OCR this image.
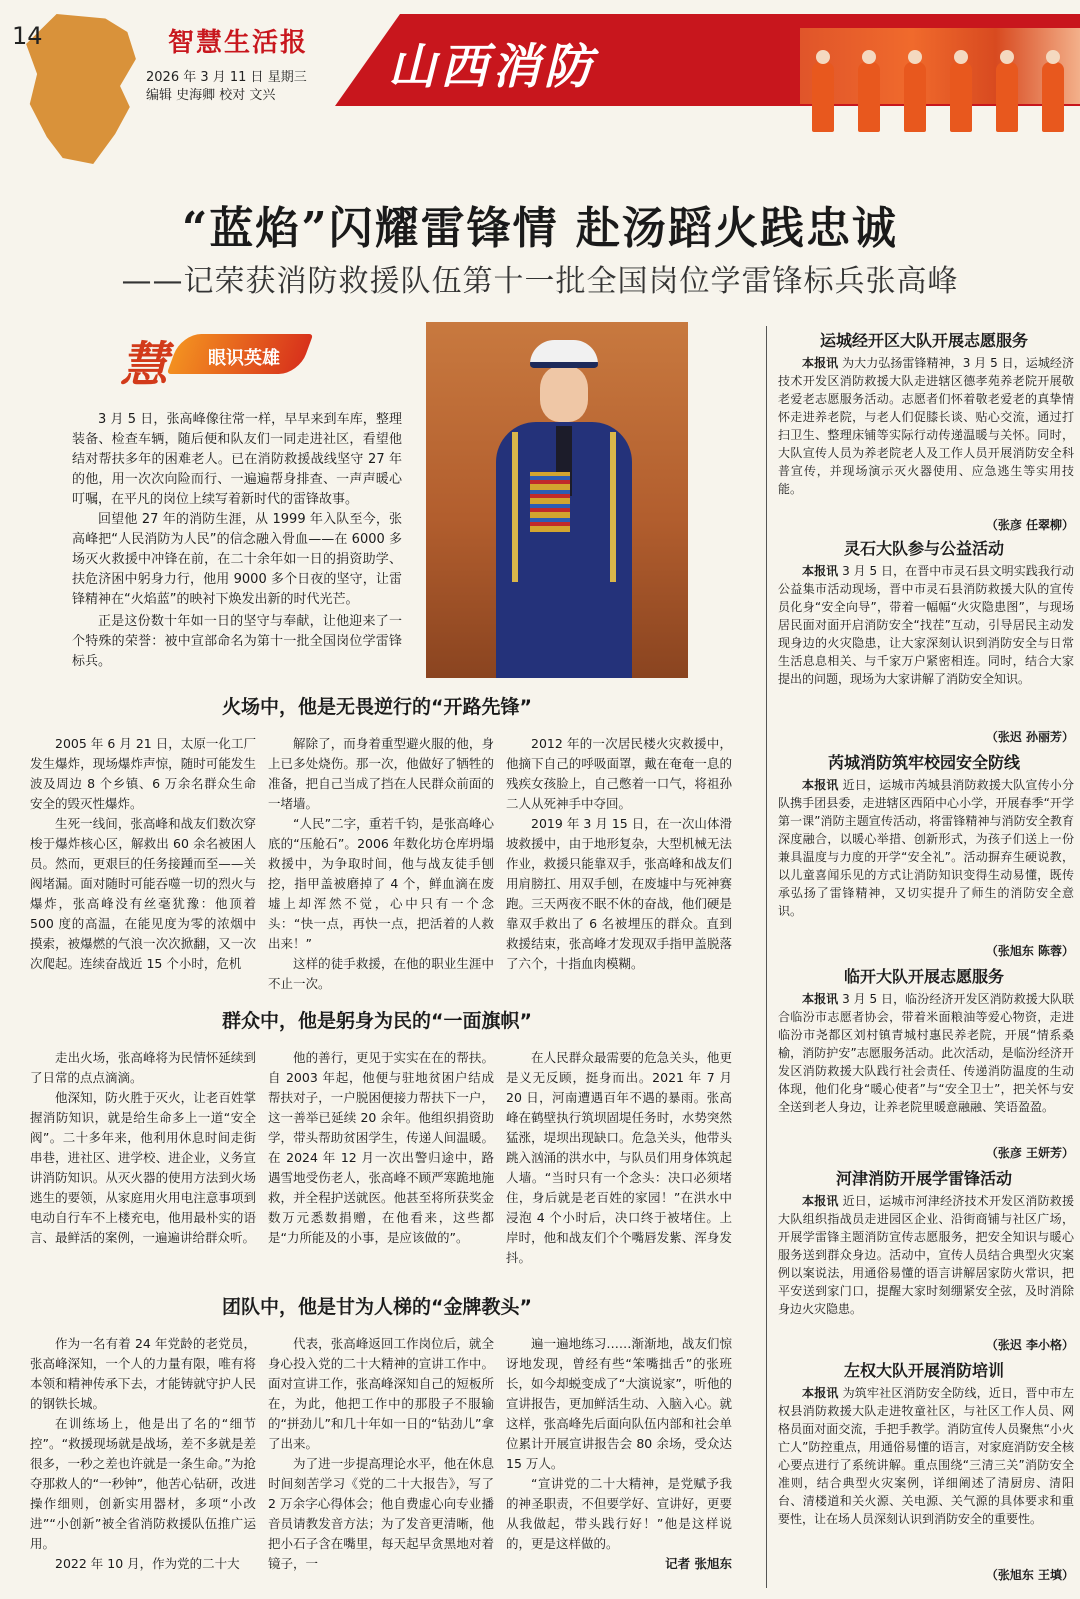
14	智慧生活报
2026 年 3 月 11 日 星期三
编辑 史海卿 校对 文兴
山西消防
“蓝焰”闪耀雷锋情 赴汤蹈火践忠诚
——记荣获消防救援队伍第十一批全国岗位学雷锋标兵张高峰
慧 眼识英雄
3 月 5 日，张高峰像往常一样，早早来到车库，整理装备、检查车辆，随后便和队友们一同走进社区，看望他结对帮扶多年的困难老人。已在消防救援战线坚守 27 年的他，用一次次向险而行、一遍遍帮身排查、一声声暖心叮嘱，在平凡的岗位上续写着新时代的雷锋故事。
回望他 27 年的消防生涯，从 1999 年入队至今，张高峰把“人民消防为人民”的信念融入骨血——在 6000 多场灭火救援中冲锋在前，在二十余年如一日的捐资助学、扶危济困中躬身力行，他用 9000 多个日夜的坚守，让雷锋精神在“火焰蓝”的映衬下焕发出新的时代光芒。
正是这份数十年如一日的坚守与奉献，让他迎来了一个特殊的荣誉：被中宣部命名为第十一批全国岗位学雷锋标兵。
火场中，他是无畏逆行的“开路先锋”

2005 年 6 月 21 日，太原一化工厂发生爆炸，现场爆炸声惊，随时可能发生波及周边 8 个乡镇、6 万余名群众生命安全的毁灭性爆炸。

生死一线间，张高峰和战友们数次穿梭于爆炸核心区，解救出 60 余名被困人员。然而，更艰巨的任务接踵而至——关阀堵漏。面对随时可能吞噬一切的烈火与爆炸，张高峰没有丝毫犹豫：他顶着 500 度的高温，在能见度为零的浓烟中摸索，被爆燃的气浪一次次掀翻，又一次次爬起。连续奋战近 15 个小时，危机

解除了，而身着重型避火服的他，身上已多处烧伤。那一次，他做好了牺牲的准备，把自己当成了挡在人民群众前面的一堵墙。

“人民”二字，重若千钧，是张高峰心底的“压舱石”。2006 年数化坊仓库坍塌救援中，为争取时间，他与战友徒手刨挖，指甲盖被磨掉了 4 个，鲜血滴在废墟上却浑然不觉，心中只有一个念头：“快一点，再快一点，把活着的人救出来！”

这样的徒手救援，在他的职业生涯中不止一次。

2012 年的一次居民楼火灾救援中，他摘下自己的呼吸面罩，戴在奄奄一息的残疾女孩脸上，自己憋着一口气，将祖孙二人从死神手中夺回。

2019 年 3 月 15 日，在一次山体滑坡救援中，由于地形复杂，大型机械无法作业，救援只能靠双手，张高峰和战友们用肩膀扛、用双手刨，在废墟中与死神赛跑。三天两夜不眠不休的奋战，他们硬是靠双手救出了 6 名被埋压的群众。直到救援结束，张高峰才发现双手指甲盖脱落了六个，十指血肉模糊。

群众中，他是躬身为民的“一面旗帜”

走出火场，张高峰将为民情怀延续到了日常的点点滴滴。

他深知，防火胜于灭火，让老百姓掌握消防知识，就是给生命多上一道“安全阀”。二十多年来，他利用休息时间走街串巷，进社区、进学校、进企业，义务宣讲消防知识。从灭火器的使用方法到火场逃生的要领，从家庭用火用电注意事项到电动自行车不上楼充电，他用最朴实的语言、最鲜活的案例，一遍遍讲给群众听。

他的善行，更见于实实在在的帮扶。自 2003 年起，他便与驻地贫困户结成帮扶对子，一户脱困便接力帮扶下一户，这一善举已延续 20 余年。他组织捐资助学，带头帮助贫困学生，传递人间温暖。在 2024 年 12 月一次出警归途中，路遇雪地受伤老人，张高峰不顾严寒跪地施救，并全程护送就医。他甚至将所获奖金数万元悉数捐赠，在他看来，这些都是“力所能及的小事，是应该做的”。

在人民群众最需要的危急关头，他更是义无反顾，挺身而出。2021 年 7 月 20 日，河南遭遇百年不遇的暴雨。张高峰在鹤壁执行筑坝固堤任务时，水势突然猛涨，堤坝出现缺口。危急关头，他带头跳入汹涌的洪水中，与队员们用身体筑起人墙。“当时只有一个念头：决口必须堵住，身后就是老百姓的家园！”在洪水中浸泡 4 个小时后，决口终于被堵住。上岸时，他和战友们个个嘴唇发紫、浑身发抖。

团队中，他是甘为人梯的“金牌教头”

作为一名有着 24 年党龄的老党员，张高峰深知，一个人的力量有限，唯有将本领和精神传承下去，才能铸就守护人民的钢铁长城。

在训练场上，他是出了名的“细节控”。“救援现场就是战场，差不多就是差很多，一秒之差也许就是一条生命。”为抢夺那救人的“一秒钟”，他苦心钻研，改进操作细则，创新实用器材，多项“小改进”“小创新”被全省消防救援队伍推广运用。

2022 年 10 月，作为党的二十大

代表，张高峰返回工作岗位后，就全身心投入党的二十大精神的宣讲工作中。面对宣讲工作，张高峰深知自己的短板所在，为此，他把工作中的那股子不服输的“拼劲儿”和几十年如一日的“钻劲儿”拿了出来。

为了进一步提高理论水平，他在休息时间刻苦学习《党的二十大报告》，写了 2 万余字心得体会；他自费虚心向专业播音员请教发音方法；为了发音更清晰，他把小石子含在嘴里，每天起早贪黑地对着镜子，一

遍一遍地练习……渐渐地，战友们惊讶地发现，曾经有些“笨嘴拙舌”的张班长，如今却蜕变成了“大演说家”，听他的宣讲报告，更加鲜活生动、入脑入心。就这样，张高峰先后面向队伍内部和社会单位累计开展宣讲报告会 80 余场，受众达 15 万人。

“宣讲党的二十大精神，是党赋予我的神圣职责，不但要学好、宣讲好，更要从我做起，带头践行好！”他是这样说的，更是这样做的。

记者 张旭东
运城经开区大队开展志愿服务
本报讯 为大力弘扬雷锋精神，3 月 5 日，运城经济技术开发区消防救援大队走进辖区德孝苑养老院开展敬老爱老志愿服务活动。志愿者们怀着敬老爱老的真挚情怀走进养老院，与老人们促膝长谈、贴心交流，通过打扫卫生、整理床铺等实际行动传递温暖与关怀。同时，大队宣传人员为养老院老人及工作人员开展消防安全科普宣传，并现场演示灭火器使用、应急逃生等实用技能。
（张彦 任翠柳）
灵石大队参与公益活动
本报讯 3 月 5 日，在晋中市灵石县文明实践我行动公益集市活动现场，晋中市灵石县消防救援大队的宣传员化身“安全向导”，带着一幅幅“火灾隐患图”，与现场居民面对面开启消防安全“找茬”互动，引导居民主动发现身边的火灾隐患，让大家深刻认识到消防安全与日常生活息息相关、与千家万户紧密相连。同时，结合大家提出的问题，现场为大家讲解了消防安全知识。
（张迟 孙丽芳）
芮城消防筑牢校园安全防线
本报讯 近日，运城市芮城县消防救援大队宣传小分队携手团县委，走进辖区西陌中心小学，开展春季“开学第一课”消防主题宣传活动，将雷锋精神与消防安全教育深度融合，以暖心举措、创新形式，为孩子们送上一份兼具温度与力度的开学“安全礼”。活动摒弃生硬说教，以儿童喜闻乐见的方式让消防知识变得生动易懂，既传承弘扬了雷锋精神，又切实提升了师生的消防安全意识。
（张旭东 陈蓉）
临开大队开展志愿服务
本报讯 3 月 5 日，临汾经济开发区消防救援大队联合临汾市志愿者协会，带着米面粮油等爱心物资，走进临汾市尧都区刘村镇青城村惠民养老院，开展“情系桑榆，消防护安”志愿服务活动。此次活动，是临汾经济开发区消防救援大队践行社会责任、传递消防温度的生动体现，他们化身“暖心使者”与“安全卫士”，把关怀与安全送到老人身边，让养老院里暖意融融、笑语盈盈。
（张彦 王妍芳）
河津消防开展学雷锋活动
本报讯 近日，运城市河津经济技术开发区消防救援大队组织指战员走进园区企业、沿街商铺与社区广场，开展学雷锋主题消防宣传志愿服务，把安全知识与暖心服务送到群众身边。活动中，宣传人员结合典型火灾案例以案说法，用通俗易懂的语言讲解居家防火常识，把平安送到家门口，提醒大家时刻绷紧安全弦，及时消除身边火灾隐患。
（张迟 李小格）
左权大队开展消防培训
本报讯 为筑牢社区消防安全防线，近日，晋中市左权县消防救援大队走进牧童社区，与社区工作人员、网格员面对面交流，手把手教学。消防宣传人员聚焦“小火亡人”防控重点，用通俗易懂的语言，对家庭消防安全核心要点进行了系统讲解。重点围绕“三清三关”消防安全准则，结合典型火灾案例，详细阐述了清厨房、清阳台、清楼道和关火源、关电源、关气源的具体要求和重要性，让在场人员深刻认识到消防安全的重要性。
（张旭东 王填）
